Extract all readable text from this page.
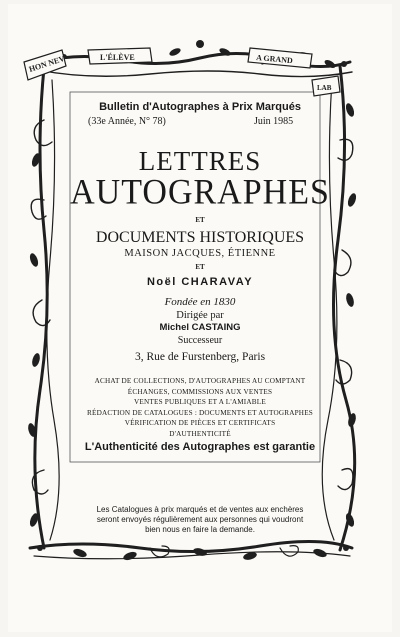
HON NEV	L'ÉLÈVE	A GRAND
LAB
Bulletin d'Autographes à Prix Marqués
(33e Année, N° 78)	Juin 1985
LETTRES
AUTOGRAPHES
ET
DOCUMENTS HISTORIQUES
MAISON JACQUES, ÉTIENNE
ET
Noël CHARAVAY
Fondée en 1830
Dirigée par
Michel CASTAING
Successeur
3, Rue de Furstenberg, Paris
ACHAT DE COLLECTIONS, D'AUTOGRAPHES AU COMPTANT
ÉCHANGES, COMMISSIONS AUX VENTES
VENTES PUBLIQUES ET A L'AMIABLE
RÉDACTION DE CATALOGUES : DOCUMENTS ET AUTOGRAPHES
VÉRIFICATION DE PIÈCES ET CERTIFICATS
D'AUTHENTICITÉ
L'Authenticité des Autographes est garantie
Les Catalogues à prix marqués et de ventes aux enchères
seront envoyés régulièrement aux personnes qui voudront
bien nous en faire la demande.
